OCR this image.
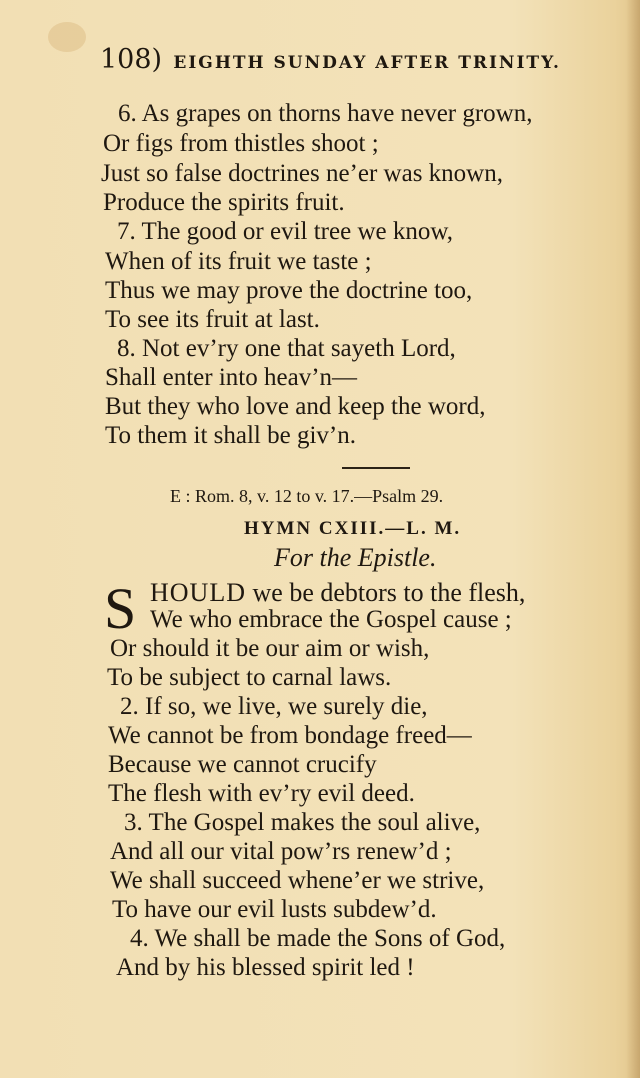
108) EIGHTH SUNDAY AFTER TRINITY.
6. As grapes on thorns have never grown,
Or figs from thistles shoot ;
Just so false doctrines ne’er was known,
Produce the spirits fruit.
7. The good or evil tree we know,
When of its fruit we taste ;
Thus we may prove the doctrine too,
To see its fruit at last.
8. Not ev’ry one that sayeth Lord,
Shall enter into heav’n—
But they who love and keep the word,
To them it shall be giv’n.
E : Rom. 8, v. 12 to v. 17.—Psalm 29.
HYMN CXIII.—L. M.
For the Epistle.
S HOULD we be debtors to the flesh,
We who embrace the Gospel cause ;
Or should it be our aim or wish,
To be subject to carnal laws.
2. If so, we live, we surely die,
We cannot be from bondage freed—
Because we cannot crucify
The flesh with ev’ry evil deed.
3. The Gospel makes the soul alive,
And all our vital pow’rs renew’d ;
We shall succeed whene’er we strive,
To have our evil lusts subdew’d.
4. We shall be made the Sons of God,
And by his blessed spirit led !
